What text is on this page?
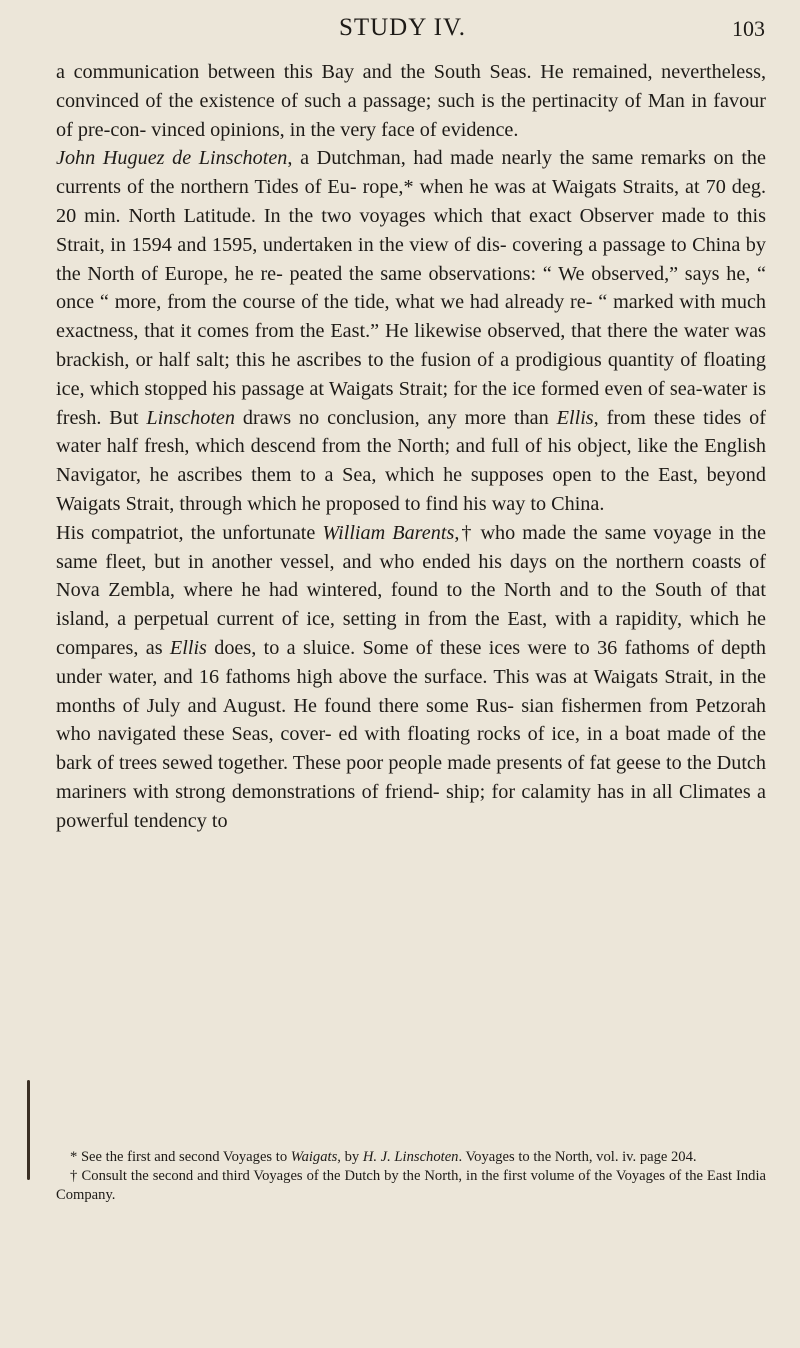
STUDY IV.	103

a communication between this Bay and the South Seas. He remained, nevertheless, convinced of the existence of such a passage; such is the pertinacity of Man in favour of pre-con- vinced opinions, in the very face of evidence.

John Huguez de Linschoten, a Dutchman, had made nearly the same remarks on the currents of the northern Tides of Eu- rope,* when he was at Waigats Straits, at 70 deg. 20 min. North Latitude. In the two voyages which that exact Observer made to this Strait, in 1594 and 1595, undertaken in the view of dis- covering a passage to China by the North of Europe, he re- peated the same observations: “ We observed,” says he, “ once “ more, from the course of the tide, what we had already re- “ marked with much exactness, that it comes from the East.” He likewise observed, that there the water was brackish, or half salt; this he ascribes to the fusion of a prodigious quantity of floating ice, which stopped his passage at Waigats Strait; for the ice formed even of sea-water is fresh. But Linschoten draws no conclusion, any more than Ellis, from these tides of water half fresh, which descend from the North; and full of his object, like the English Navigator, he ascribes them to a Sea, which he supposes open to the East, beyond Waigats Strait, through which he proposed to find his way to China.

His compatriot, the unfortunate William Barents,† who made the same voyage in the same fleet, but in another vessel, and who ended his days on the northern coasts of Nova Zembla, where he had wintered, found to the North and to the South of that island, a perpetual current of ice, setting in from the East, with a rapidity, which he compares, as Ellis does, to a sluice. Some of these ices were to 36 fathoms of depth under water, and 16 fathoms high above the surface. This was at Waigats Strait, in the months of July and August. He found there some Rus- sian fishermen from Petzorah who navigated these Seas, cover- ed with floating rocks of ice, in a boat made of the bark of trees sewed together. These poor people made presents of fat geese to the Dutch mariners with strong demonstrations of friend- ship; for calamity has in all Climates a powerful tendency to

* See the first and second Voyages to Waigats, by H. J. Linschoten. Voyages to the North, vol. iv. page 204.

† Consult the second and third Voyages of the Dutch by the North, in the first volume of the Voyages of the East India Company.
